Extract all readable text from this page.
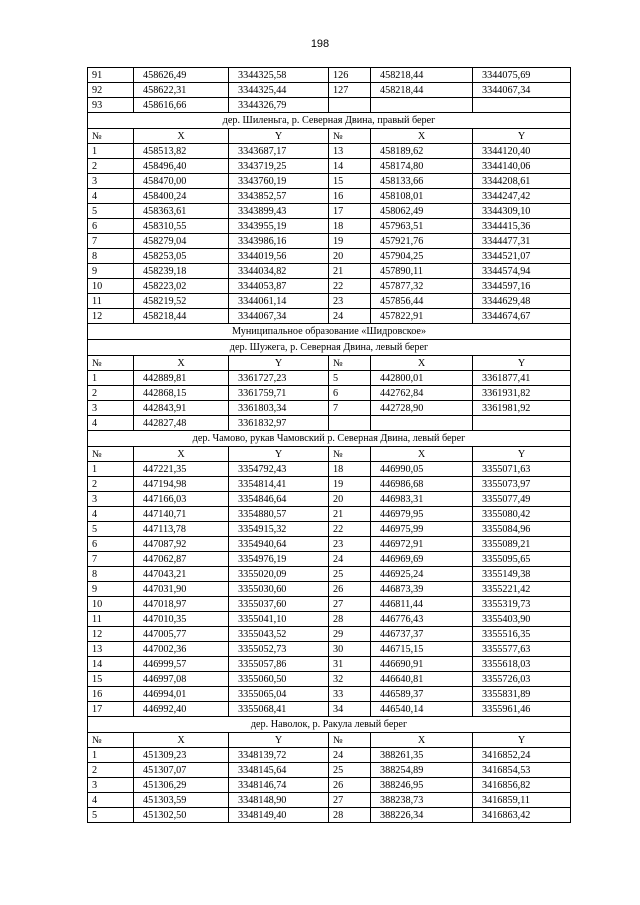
198
91	458626,49	3344325,58	126	458218,44	3344075,69
92	458622,31	3344325,44	127	458218,44	3344067,34
93	458616,66	3344326,79			
дер. Шиленьга, р. Северная Двина, правый берег					
№	X	Y	№	X	Y
1	458513,82	3343687,17	13	458189,62	3344120,40
2	458496,40	3343719,25	14	458174,80	3344140,06
3	458470,00	3343760,19	15	458133,66	3344208,61
4	458400,24	3343852,57	16	458108,01	3344247,42
5	458363,61	3343899,43	17	458062,49	3344309,10
6	458310,55	3343955,19	18	457963,51	3344415,36
7	458279,04	3343986,16	19	457921,76	3344477,31
8	458253,05	3344019,56	20	457904,25	3344521,07
9	458239,18	3344034,82	21	457890,11	3344574,94
10	458223,02	3344053,87	22	457877,32	3344597,16
11	458219,52	3344061,14	23	457856,44	3344629,48
12	458218,44	3344067,34	24	457822,91	3344674,67
Муниципальное образование «Шидровское»					
дер. Шужега, р. Северная Двина, левый берег					
№	X	Y	№	X	Y
1	442889,81	3361727,23	5	442800,01	3361877,41
2	442868,15	3361759,71	6	442762,84	3361931,82
3	442843,91	3361803,34	7	442728,90	3361981,92
4	442827,48	3361832,97			
дер. Чамово, рукав Чамовский р. Северная Двина, левый берег					
№	X	Y	№	X	Y
1	447221,35	3354792,43	18	446990,05	3355071,63
2	447194,98	3354814,41	19	446986,68	3355073,97
3	447166,03	3354846,64	20	446983,31	3355077,49
4	447140,71	3354880,57	21	446979,95	3355080,42
5	447113,78	3354915,32	22	446975,99	3355084,96
6	447087,92	3354940,64	23	446972,91	3355089,21
7	447062,87	3354976,19	24	446969,69	3355095,65
8	447043,21	3355020,09	25	446925,24	3355149,38
9	447031,90	3355030,60	26	446873,39	3355221,42
10	447018,97	3355037,60	27	446811,44	3355319,73
11	447010,35	3355041,10	28	446776,43	3355403,90
12	447005,77	3355043,52	29	446737,37	3355516,35
13	447002,36	3355052,73	30	446715,15	3355577,63
14	446999,57	3355057,86	31	446690,91	3355618,03
15	446997,08	3355060,50	32	446640,81	3355726,03
16	446994,01	3355065,04	33	446589,37	3355831,89
17	446992,40	3355068,41	34	446540,14	3355961,46
дер. Наволок, р. Ракула левый берег					
№	X	Y	№	X	Y
1	451309,23	3348139,72	24	388261,35	3416852,24
2	451307,07	3348145,64	25	388254,89	3416854,53
3	451306,29	3348146,74	26	388246,95	3416856,82
4	451303,59	3348148,90	27	388238,73	3416859,11
5	451302,50	3348149,40	28	388226,34	3416863,42
